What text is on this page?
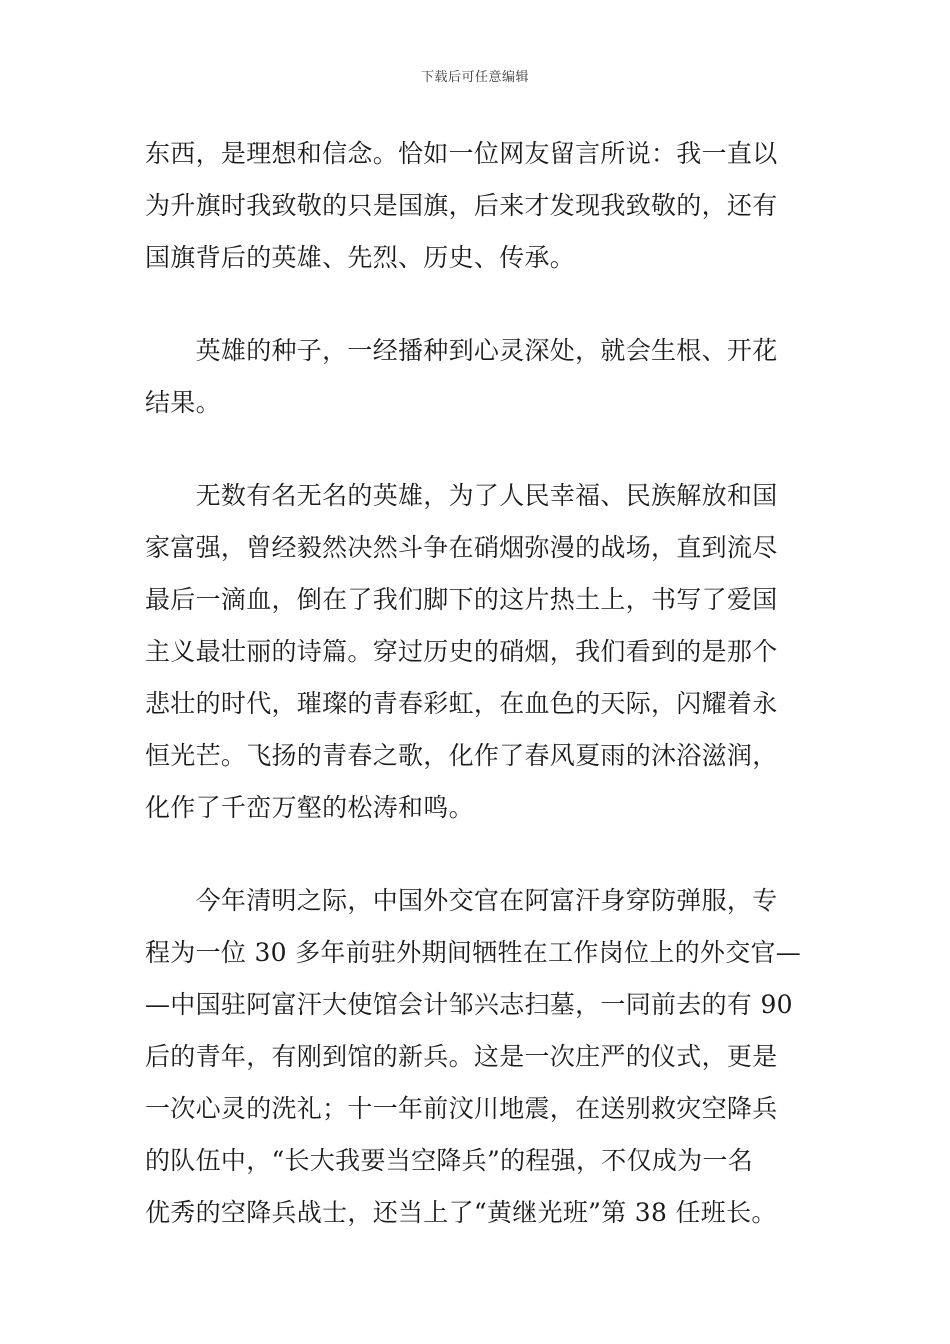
下载后可任意编辑
东西，是理想和信念。恰如一位网友留言所说：我一直以
为升旗时我致敬的只是国旗，后来才发现我致敬的，还有
国旗背后的英雄、先烈、历史、传承。
　　英雄的种子，一经播种到心灵深处，就会生根、开花
结果。
　　无数有名无名的英雄，为了人民幸福、民族解放和国
家富强，曾经毅然决然斗争在硝烟弥漫的战场，直到流尽
最后一滴血，倒在了我们脚下的这片热土上，书写了爱国
主义最壮丽的诗篇。穿过历史的硝烟，我们看到的是那个
悲壮的时代，璀璨的青春彩虹，在血色的天际，闪耀着永
恒光芒。飞扬的青春之歌，化作了春风夏雨的沐浴滋润，
化作了千峦万壑的松涛和鸣。
　　今年清明之际，中国外交官在阿富汗身穿防弹服，专
程为一位 30 多年前驻外期间牺牲在工作岗位上的外交官—
—中国驻阿富汗大使馆会计邹兴志扫墓，一同前去的有 90
后的青年，有刚到馆的新兵。这是一次庄严的仪式，更是
一次心灵的洗礼；十一年前汶川地震，在送别救灾空降兵
的队伍中，“长大我要当空降兵”的程强，不仅成为一名
优秀的空降兵战士，还当上了“黄继光班”第 38 任班长。
